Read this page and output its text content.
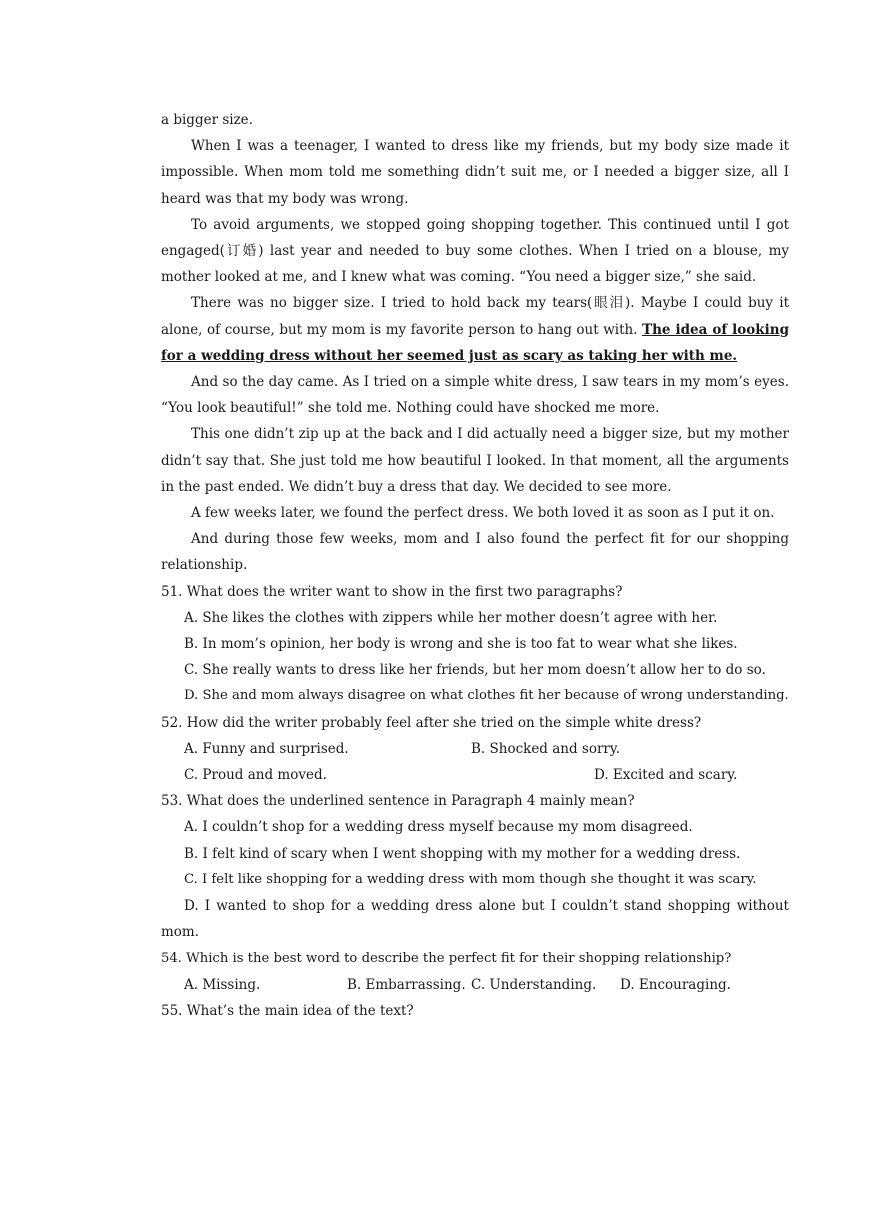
a bigger size.

When I was a teenager, I wanted to dress like my friends, but my body size made it impossible. When mom told me something didn’t suit me, or I needed a bigger size, all I heard was that my body was wrong.

To avoid arguments, we stopped going shopping together. This continued until I got engaged(订婚) last year and needed to buy some clothes. When I tried on a blouse, my mother looked at me, and I knew what was coming. “You need a bigger size,” she said.

There was no bigger size. I tried to hold back my tears(眼泪). Maybe I could buy it alone, of course, but my mom is my favorite person to hang out with. The idea of looking for a wedding dress without her seemed just as scary as taking her with me.

And so the day came. As I tried on a simple white dress, I saw tears in my mom’s eyes. “You look beautiful!” she told me. Nothing could have shocked me more.

This one didn’t zip up at the back and I did actually need a bigger size, but my mother didn’t say that. She just told me how beautiful I looked. In that moment, all the arguments in the past ended. We didn’t buy a dress that day. We decided to see more.

A few weeks later, we found the perfect dress. We both loved it as soon as I put it on.

And during those few weeks, mom and I also found the perfect fit for our shopping relationship.

51. What does the writer want to show in the first two paragraphs?

A. She likes the clothes with zippers while her mother doesn’t agree with her.

B. In mom’s opinion, her body is wrong and she is too fat to wear what she likes.

C. She really wants to dress like her friends, but her mom doesn’t allow her to do so.

D. She and mom always disagree on what clothes fit her because of wrong understanding.

52. How did the writer probably feel after she tried on the simple white dress?

A. Funny and surprised.	B. Shocked and sorry.
C. Proud and moved.	D. Excited and scary.

53. What does the underlined sentence in Paragraph 4 mainly mean?

A. I couldn’t shop for a wedding dress myself because my mom disagreed.

B. I felt kind of scary when I went shopping with my mother for a wedding dress.

C. I felt like shopping for a wedding dress with mom though she thought it was scary.

D. I wanted to shop for a wedding dress alone but I couldn’t stand shopping without mom.

54. Which is the best word to describe the perfect fit for their shopping relationship?

A. Missing.	B. Embarrassing. C. Understanding.	D. Encouraging.

55. What’s the main idea of the text?
